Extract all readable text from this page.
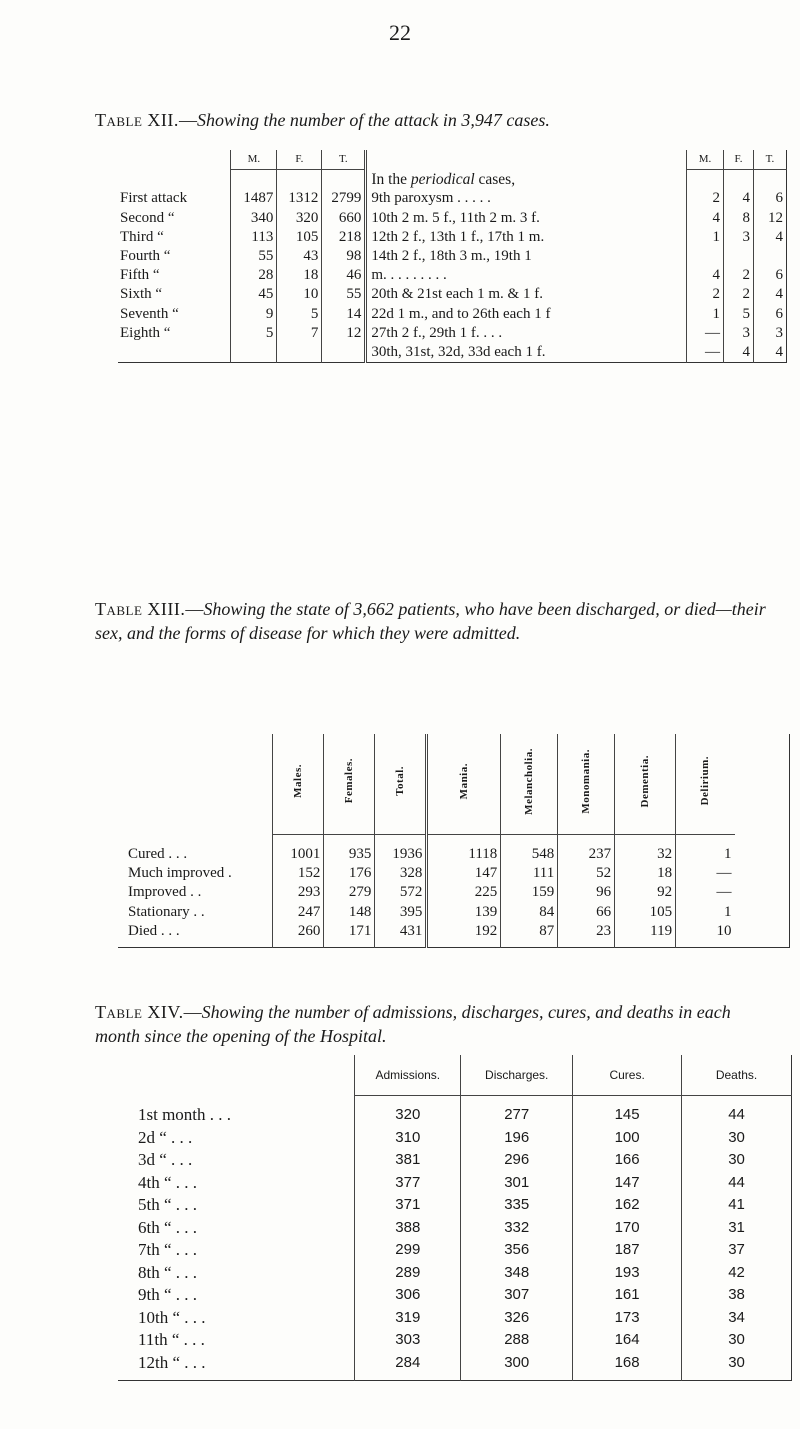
22
Table XII.—Showing the number of the attack in 3,947 cases.
	M.	F.	T.	In the periodical cases,	M.	F.	T.

First attack	1487	1312	2799	9th paroxysm . . . . .	2	4	6
Second “	340	320	660	10th 2 m. 5 f., 11th 2 m. 3 f.	4	8	12
Third “	113	105	218	12th 2 f., 13th 1 f., 17th 1 m.	1	3	4
Fourth “	55	43	98	14th 2 f., 18th 3 m., 19th 1			
Fifth “	28	18	46	m. . . . . . . . .	4	2	6
Sixth “	45	10	55	20th & 21st each 1 m. & 1 f.	2	2	4
Seventh “	9	5	14	22d 1 m., and to 26th each 1 f	1	5	6
Eighth “	5	7	12	27th 2 f., 29th 1 f. . . .	—	3	3
				30th, 31st, 32d, 33d each 1 f.	—	4	4
Table XIII.—Showing the state of 3,662 patients, who have been discharged, or died—their sex, and the forms of disease for which they were admitted.
	Males.	Females.	Total.	Mania.	Melancholia.	Monomania.	Dementia.	Delirium.

Cured . . .	1001	935	1936	1118	548	237	32	1
Much improved .	152	176	328	147	111	52	18	—
Improved . .	293	279	572	225	159	96	92	—
Stationary . .	247	148	395	139	84	66	105	1
Died . . .	260	171	431	192	87	23	119	10

Table XIV.—Showing the number of admissions, discharges, cures, and deaths in each month since the opening of the Hospital.
	Admissions.	Discharges.	Cures.	Deaths.

1st month . . .	320	277	145	44
2d “ . . .	310	196	100	30
3d “ . . .	381	296	166	30
4th “ . . .	377	301	147	44
5th “ . . .	371	335	162	41
6th “ . . .	388	332	170	31
7th “ . . .	299	356	187	37
8th “ . . .	289	348	193	42
9th “ . . .	306	307	161	38
10th “ . . .	319	326	173	34
11th “ . . .	303	288	164	30
12th “ . . .	284	300	168	30
